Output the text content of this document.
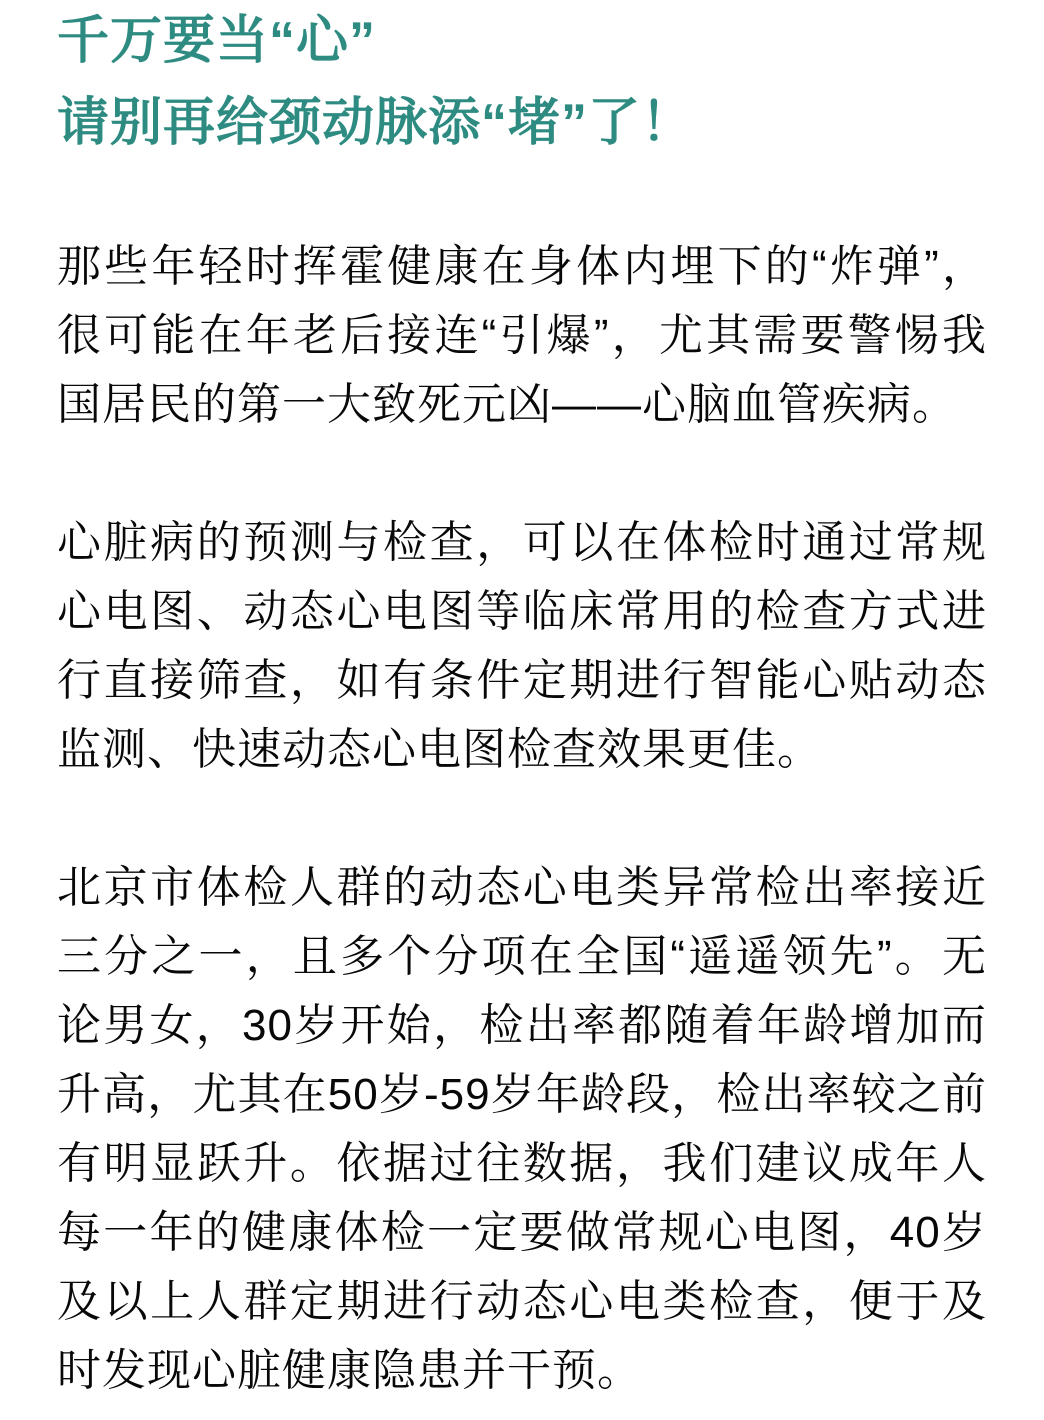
千万要当“心”
请别再给颈动脉添“堵”了！

那些年轻时挥霍健康在身体内埋下的“炸弹”，很可能在年老后接连“引爆”，尤其需要警惕我国居民的第一大致死元凶——心脑血管疾病。

心脏病的预测与检查，可以在体检时通过常规心电图、动态心电图等临床常用的检查方式进行直接筛查，如有条件定期进行智能心贴动态监测、快速动态心电图检查效果更佳。

北京市体检人群的动态心电类异常检出率接近三分之一，且多个分项在全国“遥遥领先”。无论男女，30岁开始，检出率都随着年龄增加而升高，尤其在50岁-59岁年龄段，检出率较之前有明显跃升。依据过往数据，我们建议成年人每一年的健康体检一定要做常规心电图，40岁及以上人群定期进行动态心电类检查，便于及时发现心脏健康隐患并干预。
